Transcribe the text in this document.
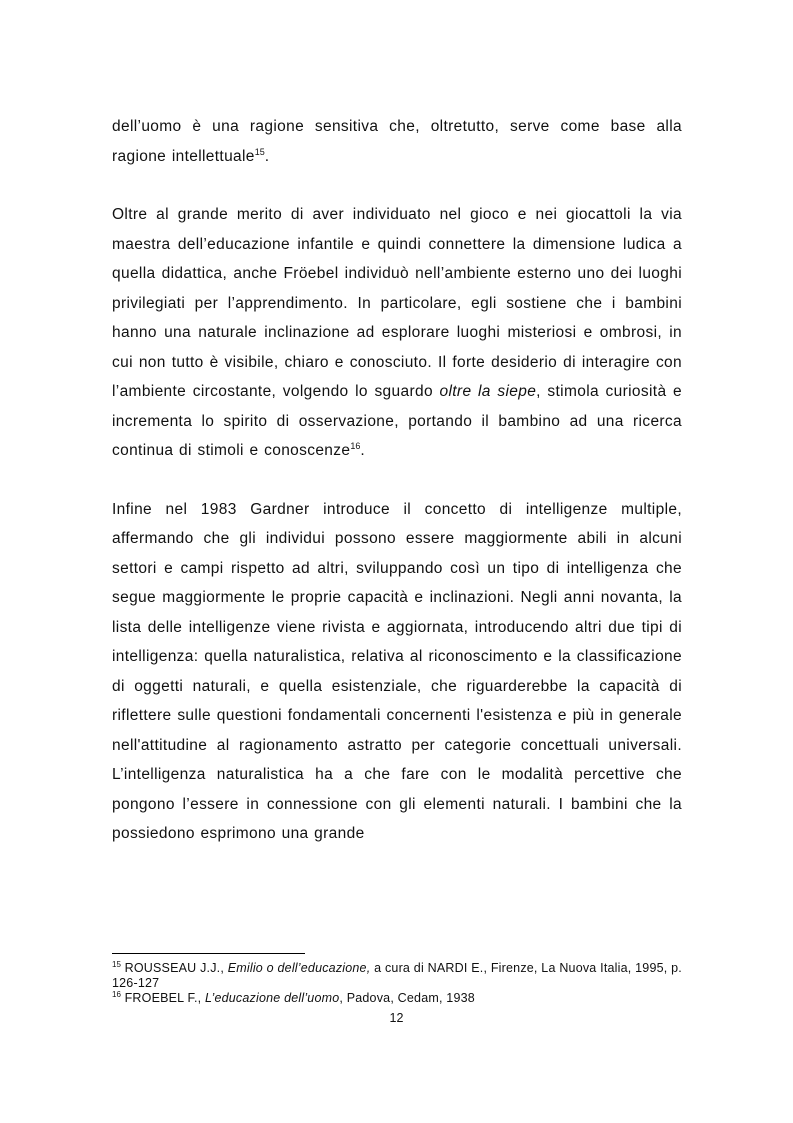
dell’uomo è una ragione sensitiva che, oltretutto, serve come base alla ragione intellettuale$^{15}$.

Oltre al grande merito di aver individuato nel gioco e nei giocattoli la via maestra dell’educazione infantile e quindi connettere la dimensione ludica a quella didattica, anche Fröebel individuò nell’ambiente esterno uno dei luoghi privilegiati per l’apprendimento. In particolare, egli sostiene che i bambini hanno una naturale inclinazione ad esplorare luoghi misteriosi e ombrosi, in cui non tutto è visibile, chiaro e conosciuto. Il forte desiderio di interagire con l’ambiente circostante, volgendo lo sguardo oltre la siepe, stimola curiosità e incrementa lo spirito di osservazione, portando il bambino ad una ricerca continua di stimoli e conoscenze$^{16}$.

Infine nel 1983 Gardner introduce il concetto di intelligenze multiple, affermando che gli individui possono essere maggiormente abili in alcuni settori e campi rispetto ad altri, sviluppando così un tipo di intelligenza che segue maggiormente le proprie capacità e inclinazioni. Negli anni novanta, la lista delle intelligenze viene rivista e aggiornata, introducendo altri due tipi di intelligenza: quella naturalistica, relativa al riconoscimento e la classificazione di oggetti naturali, e quella esistenziale, che riguarderebbe la capacità di riflettere sulle questioni fondamentali concernenti l'esistenza e più in generale nell'attitudine al ragionamento astratto per categorie concettuali universali. L’intelligenza naturalistica ha a che fare con le modalità percettive che pongono l’essere in connessione con gli elementi naturali. I bambini che la possiedono esprimono una grande

$^{15}$ ROUSSEAU J.J., Emilio o dell’educazione, a cura di NARDI E., Firenze, La Nuova Italia, 1995, p. 126-127
$^{16}$ FROEBEL F., L’educazione dell’uomo, Padova, Cedam, 1938
12
